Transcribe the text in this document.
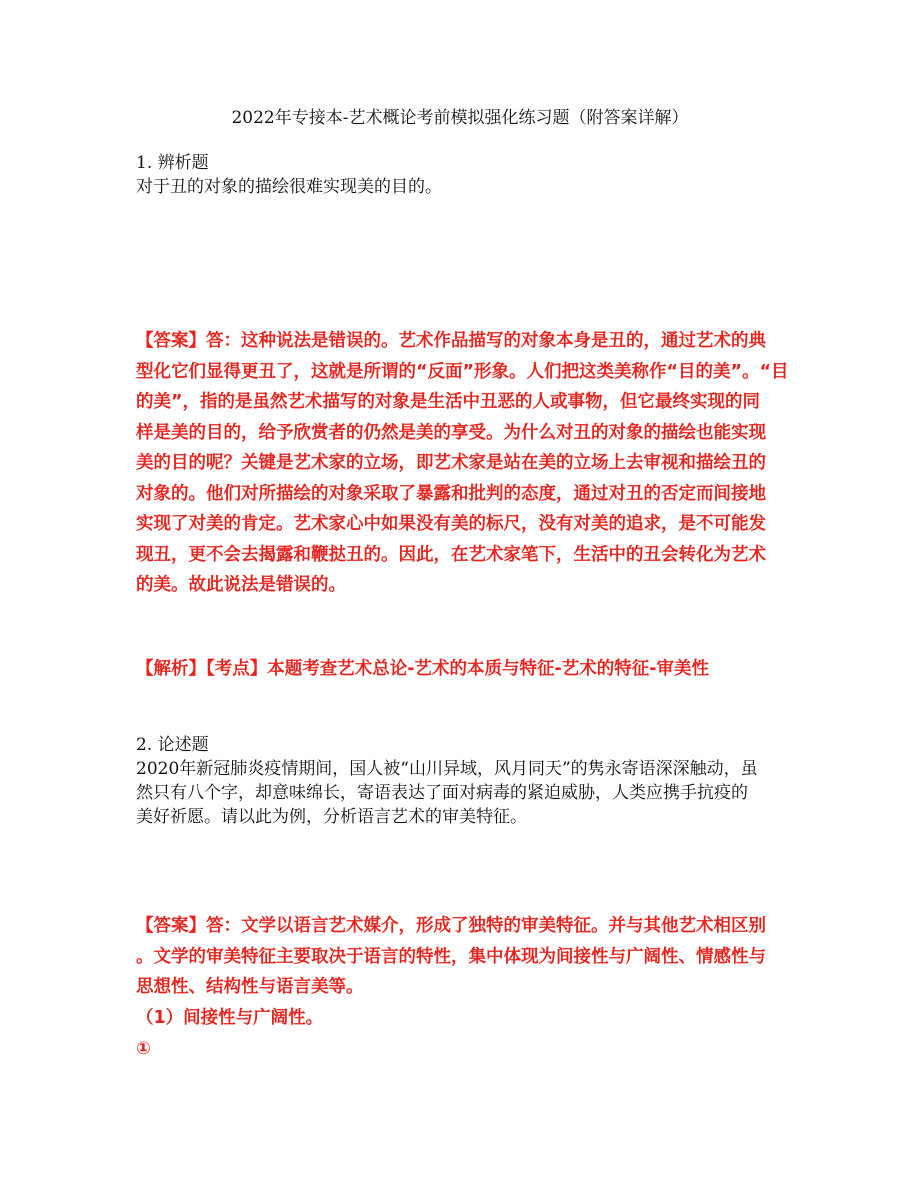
2022年专接本-艺术概论考前模拟强化练习题（附答案详解）
1. 辨析题
对于丑的对象的描绘很难实现美的目的。
【答案】答：这种说法是错误的。艺术作品描写的对象本身是丑的，通过艺术的典
型化它们显得更丑了，这就是所谓的“反面”形象。人们把这类美称作“目的美”。“目
的美”，指的是虽然艺术描写的对象是生活中丑恶的人或事物，但它最终实现的同
样是美的目的，给予欣赏者的仍然是美的享受。为什么对丑的对象的描绘也能实现
美的目的呢？关键是艺术家的立场，即艺术家是站在美的立场上去审视和描绘丑的
对象的。他们对所描绘的对象采取了暴露和批判的态度，通过对丑的否定而间接地
实现了对美的肯定。艺术家心中如果没有美的标尺，没有对美的追求，是不可能发
现丑，更不会去揭露和鞭挞丑的。因此，在艺术家笔下，生活中的丑会转化为艺术
的美。故此说法是错误的。
【解析】【考点】本题考查艺术总论-艺术的本质与特征-艺术的特征-审美性
2. 论述题
2020年新冠肺炎疫情期间，国人被“山川异域，风月同天”的隽永寄语深深触动，虽
然只有八个字，却意味绵长，寄语表达了面对病毒的紧迫威胁，人类应携手抗疫的
美好祈愿。请以此为例，分析语言艺术的审美特征。
【答案】答：文学以语言艺术媒介，形成了独特的审美特征。并与其他艺术相区别
。文学的审美特征主要取决于语言的特性，集中体现为间接性与广阔性、情感性与
思想性、结构性与语言美等。
（1）间接性与广阔性。
①
